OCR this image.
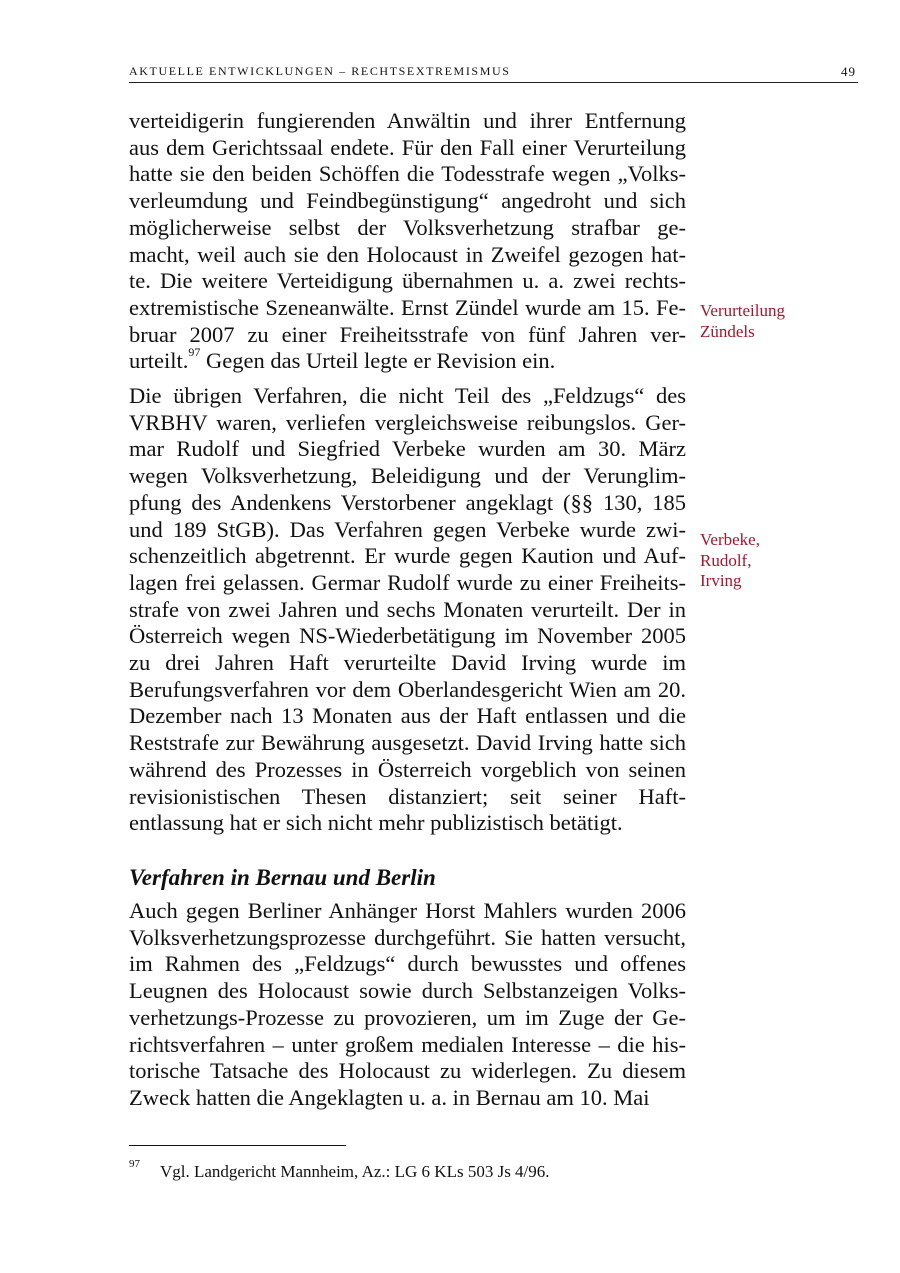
AKTUELLE ENTWICKLUNGEN – RECHTSEXTREMISMUS	49

verteidigerin fungierenden Anwältin und ihrer Entfernung aus dem Gerichtssaal endete. Für den Fall einer Verurteilung hatte sie den beiden Schöffen die Todesstrafe wegen „Volks-verleumdung und Feindbegünstigung“ angedroht und sich möglicherweise selbst der Volksverhetzung strafbar ge-macht, weil auch sie den Holocaust in Zweifel gezogen hat-te. Die weitere Verteidigung übernahmen u. a. zwei rechts-extremistische Szeneanwälte. Ernst Zündel wurde am 15. Fe-bruar 2007 zu einer Freiheitsstrafe von fünf Jahren ver-urteilt.$^{97}$ Gegen das Urteil legte er Revision ein.

Die übrigen Verfahren, die nicht Teil des „Feldzugs“ des VRBHV waren, verliefen vergleichsweise reibungslos. Ger-mar Rudolf und Siegfried Verbeke wurden am 30. März wegen Volksverhetzung, Beleidigung und der Verunglim-pfung des Andenkens Verstorbener angeklagt (§§ 130, 185 und 189 StGB). Das Verfahren gegen Verbeke wurde zwi-schenzeitlich abgetrennt. Er wurde gegen Kaution und Auf-lagen frei gelassen. Germar Rudolf wurde zu einer Freiheits-strafe von zwei Jahren und sechs Monaten verurteilt. Der in Österreich wegen NS-Wiederbetätigung im November 2005 zu drei Jahren Haft verurteilte David Irving wurde im Berufungsverfahren vor dem Oberlandesgericht Wien am 20. Dezember nach 13 Monaten aus der Haft entlassen und die Reststrafe zur Bewährung ausgesetzt. David Irving hatte sich während des Prozesses in Österreich vorgeblich von seinen revisionistischen Thesen distanziert; seit seiner Haft-entlassung hat er sich nicht mehr publizistisch betätigt.

Verfahren in Bernau und Berlin

Auch gegen Berliner Anhänger Horst Mahlers wurden 2006 Volksverhetzungsprozesse durchgeführt. Sie hatten versucht, im Rahmen des „Feldzugs“ durch bewusstes und offenes Leugnen des Holocaust sowie durch Selbstanzeigen Volks-verhetzungs-Prozesse zu provozieren, um im Zuge der Ge-richtsverfahren – unter großem medialen Interesse – die his-torische Tatsache des Holocaust zu widerlegen. Zu diesem Zweck hatten die Angeklagten u. a. in Bernau am 10. Mai

Verurteilung
Zündels
Verbeke,
Rudolf,
Irving
97 Vgl. Landgericht Mannheim, Az.: LG 6 KLs 503 Js 4/96.
